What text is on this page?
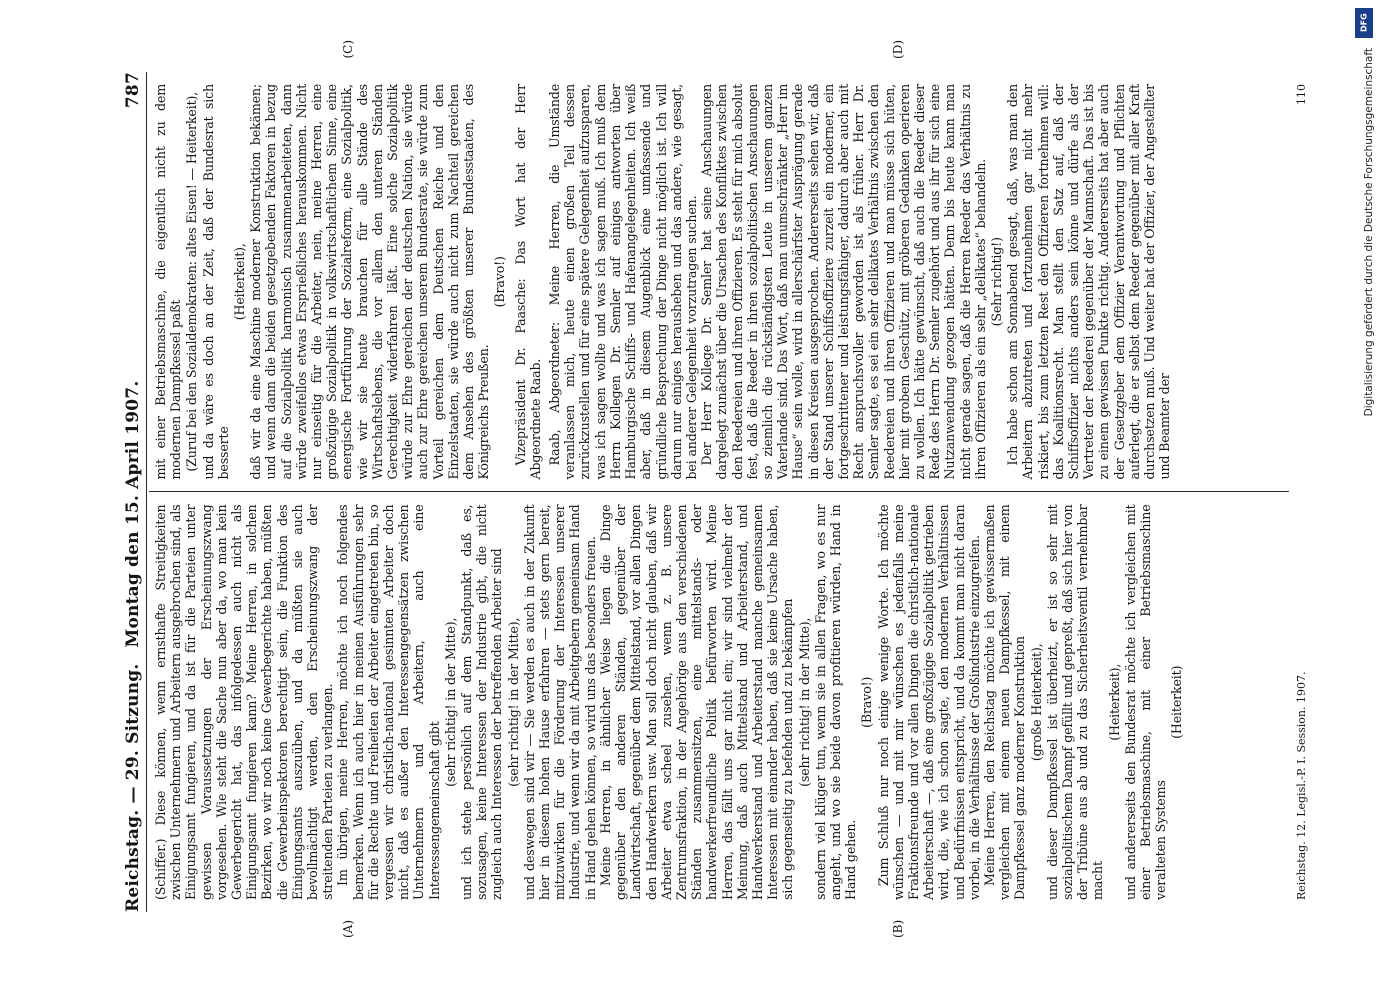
Reichstag. — 29. Sitzung.
Montag den 15. April 1907.
787

(Schiffer.) Diese können, wenn ernsthafte Streitigkeiten zwischen Unternehmern und Arbeitern ausgebrochen sind, als Einigungsamt fungieren, und da ist für die Parteien unter gewissen Voraussetzungen der Erscheinungszwang vorgesehen. Wie steht die Sache nun aber da, wo man kein Gewerbegericht hat, das infolgedessen auch nicht als Einigungsamt fungieren kann? Meine Herren, in solchen Bezirken, wo wir noch keine Gewerbegerichte haben, müßten die Gewerbeinspektoren berechtigt sein, die Funktion des Einigungsamts auszuüben, und da müßten sie auch bevollmächtigt werden, den Erscheinungszwang der streitenden Parteien zu verlangen. Im übrigen, meine Herren, möchte ich noch folgendes bemerken. Wenn ich auch hier in meinen Ausführungen sehr für die Rechte und Freiheiten der Arbeiter eingetreten bin, so vergessen wir christlich-national gesinnten Arbeiter doch nicht, daß es außer den Interessengegensätzen zwischen Unternehmern und Arbeitern, auch eine Interessengemeinschaft gibt

(sehr richtig! in der Mitte), und ich stehe persönlich auf dem Standpunkt, daß es, sozusagen, keine Interessen der Industrie gibt, die nicht zugleich auch Interessen der betreffenden Arbeiter sind (sehr richtig! in der Mitte), und deswegen sind wir — Sie werden es auch in der Zukunft hier in diesem hohen Hause erfahren — stets gern bereit, mitzuwirken für die Förderung der Interessen unserer Industrie, und wenn wir da mit Arbeitgebern gemeinsam Hand in Hand gehen können, so wird uns das besonders freuen. Meine Herren, in ähnlicher Weise liegen die Dinge gegenüber den anderen Ständen, gegenüber der Landwirtschaft, gegenüber dem Mittelstand, vor allen Dingen den Handwerkern usw. Man soll doch nicht glauben, daß wir Arbeiter etwa scheel zusehen, wenn z. B. unsere Zentrumsfraktion, in der Angehörige aus den verschiedenen Ständen zusammensitzen, eine mittelstands- oder handwerkerfreundliche Politik befürworten wird. Meine Herren, das fällt uns gar nicht ein; wir sind vielmehr der Meinung, daß auch Mittelstand und Arbeiterstand, und Handwerkerstand und Arbeiterstand manche gemeinsamen Interessen mit einander haben, daß sie keine Ursache haben, sich gegenseitig zu befehden und zu bekämpfen (sehr richtig! in der Mitte), sondern viel klüger tun, wenn sie in allen Fragen, wo es nur angeht, und wo sie beide davon profitieren würden, Hand in Hand gehen.

(Bravo!) Zum Schluß nur noch einige wenige Worte. Ich möchte wünschen — und mit mir wünschen es jedenfalls meine Fraktionsfreunde und vor allen Dingen die christlich-nationale Arbeiterschaft —, daß eine großzügige Sozialpolitik getrieben wird, die, wie ich schon sagte, den modernen Verhältnissen und Bedürfnissen entspricht, und da kommt man nicht daran vorbei, in die Verhältnisse der Großindustrie einzugreifen. Meine Herren, den Reichstag möchte ich gewissermaßen vergleichen mit einem neuen Dampfkessel, mit einem Dampfkessel ganz moderner Konstruktion (große Heiterkeit), und dieser Dampfkessel ist überheizt, er ist so sehr mit sozialpolitischem Dampf gefüllt und gepreßt, daß sich hier von der Tribüne aus ab und zu das Sicherheitsventil vernehmbar macht

(Heiterkeit), und andererseits den Bundesrat möchte ich vergleichen mit einer Betriebsmaschine, mit einer Betriebsmaschine veralteten Systems

(Heiterkeit)

mit einer Betriebsmaschine, die eigentlich nicht zu dem modernen Dampfkessel paßt (Zuruf bei den Sozialdemokraten: altes Eisen! — Heiterkeit), und da wäre es doch an der Zeit, daß der Bundesrat sich besserte

(Heiterkeit), daß wir da eine Maschine moderner Konstruktion bekämen; und wenn dann die beiden gesetzgebenden Faktoren in bezug auf die Sozialpolitik harmonisch zusammenarbeiteten, dann würde zweifellos etwas Ersprießliches herauskommen. Nicht nur einseitig für die Arbeiter, nein, meine Herren, eine großzügige Sozialpolitik in volkswirtschaftlichem Sinne, eine energische Fortführung der Sozialreform, eine Sozialpolitik, wie wir sie heute brauchen für alle Stände des Wirtschaftslebens, die vor allem den unteren Ständen Gerechtigkeit widerfahren läßt. Eine solche Sozialpolitik würde zur Ehre gereichen der deutschen Nation, sie würde auch zur Ehre gereichen unserem Bundesrate, sie würde zum Vorteil gereichen dem Deutschen Reiche und den Einzelstaaten, sie würde auch nicht zum Nachteil gereichen dem Ansehen des größten unserer Bundesstaaten, des Königreichs Preußen.

(Bravo!) Vizepräsident Dr. Paasche: Das Wort hat der Herr Abgeordnete Raab. Raab, Abgeordneter: Meine Herren, die Umstände veranlassen mich, heute einen großen Teil dessen zurückzustellen und für eine spätere Gelegenheit aufzusparen, was ich sagen wollte und was ich sagen muß. Ich muß dem Herrn Kollegen Dr. Semler auf einiges antworten über Hamburgische Schiffs- und Hafenangelegenheiten. Ich weiß aber, daß in diesem Augenblick eine umfassende und gründliche Besprechung der Dinge nicht möglich ist. Ich will darum nur einiges herausheben und das andere, wie gesagt, bei anderer Gelegenheit vorzutragen suchen. Der Herr Kollege Dr. Semler hat seine Anschauungen dargelegt zunächst über die Ursachen des Konfliktes zwischen den Reedereien und ihren Offizieren. Es steht für mich absolut fest, daß die Reeder in ihren sozialpolitischen Anschauungen so ziemlich die rückständigsten Leute in unserem ganzen Vaterlande sind. Das Wort, daß man unumschränkter „Herr im Hause“ sein wolle, wird in allerschärfster Ausprägung gerade in diesen Kreisen ausgesprochen. Andererseits sehen wir, daß der Stand unserer Schiffsoffiziere zurzeit ein moderner, ein fortgeschrittener und leistungsfähiger, dadurch aber auch mit Recht anspruchsvoller geworden ist als früher. Herr Dr. Semler sagte, es sei ein sehr delikates Verhältnis zwischen den Reedereien und ihren Offizieren und man müsse sich hüten, hier mit grobem Geschütz, mit gröberen Gedanken operieren zu wollen. Ich hätte gewünscht, daß auch die Reeder dieser Rede des Herrn Dr. Semler zugehört und aus ihr für sich eine Nutzanwendung gezogen hätten. Denn bis heute kann man nicht gerade sagen, daß die Herren Reeder das Verhältnis zu ihren Offizieren als ein sehr „delikates“ behandeln. (Sehr richtig!) Ich habe schon am Sonnabend gesagt, daß, was man den Arbeitern abzutreten und fortzunehmen gar nicht mehr riskiert, bis zum letzten Rest den Offizieren fortnehmen will: das Koalitionsrecht. Man stellt den Satz auf, daß der Schiffsoffizier nichts anders sein könne und dürfe als der Vertreter der Reederei gegenüber der Mannschaft. Das ist bis zu einem gewissen Punkte richtig. Andererseits hat aber auch der Gesetzgeber dem Offizier Verantwortung und Pflichten auferlegt, die er selbst dem Reeder gegenüber mit aller Kraft durchsetzen muß. Und weiter hat der Offizier, der Angestellter und Beamter der

Reichstag. 12. Legisl.-P. I. Session. 1907.
110
(A)	(B)
(C)	(D)
DFG
Digitalisierung gefördert durch die Deutsche Forschungsgemeinschaft
